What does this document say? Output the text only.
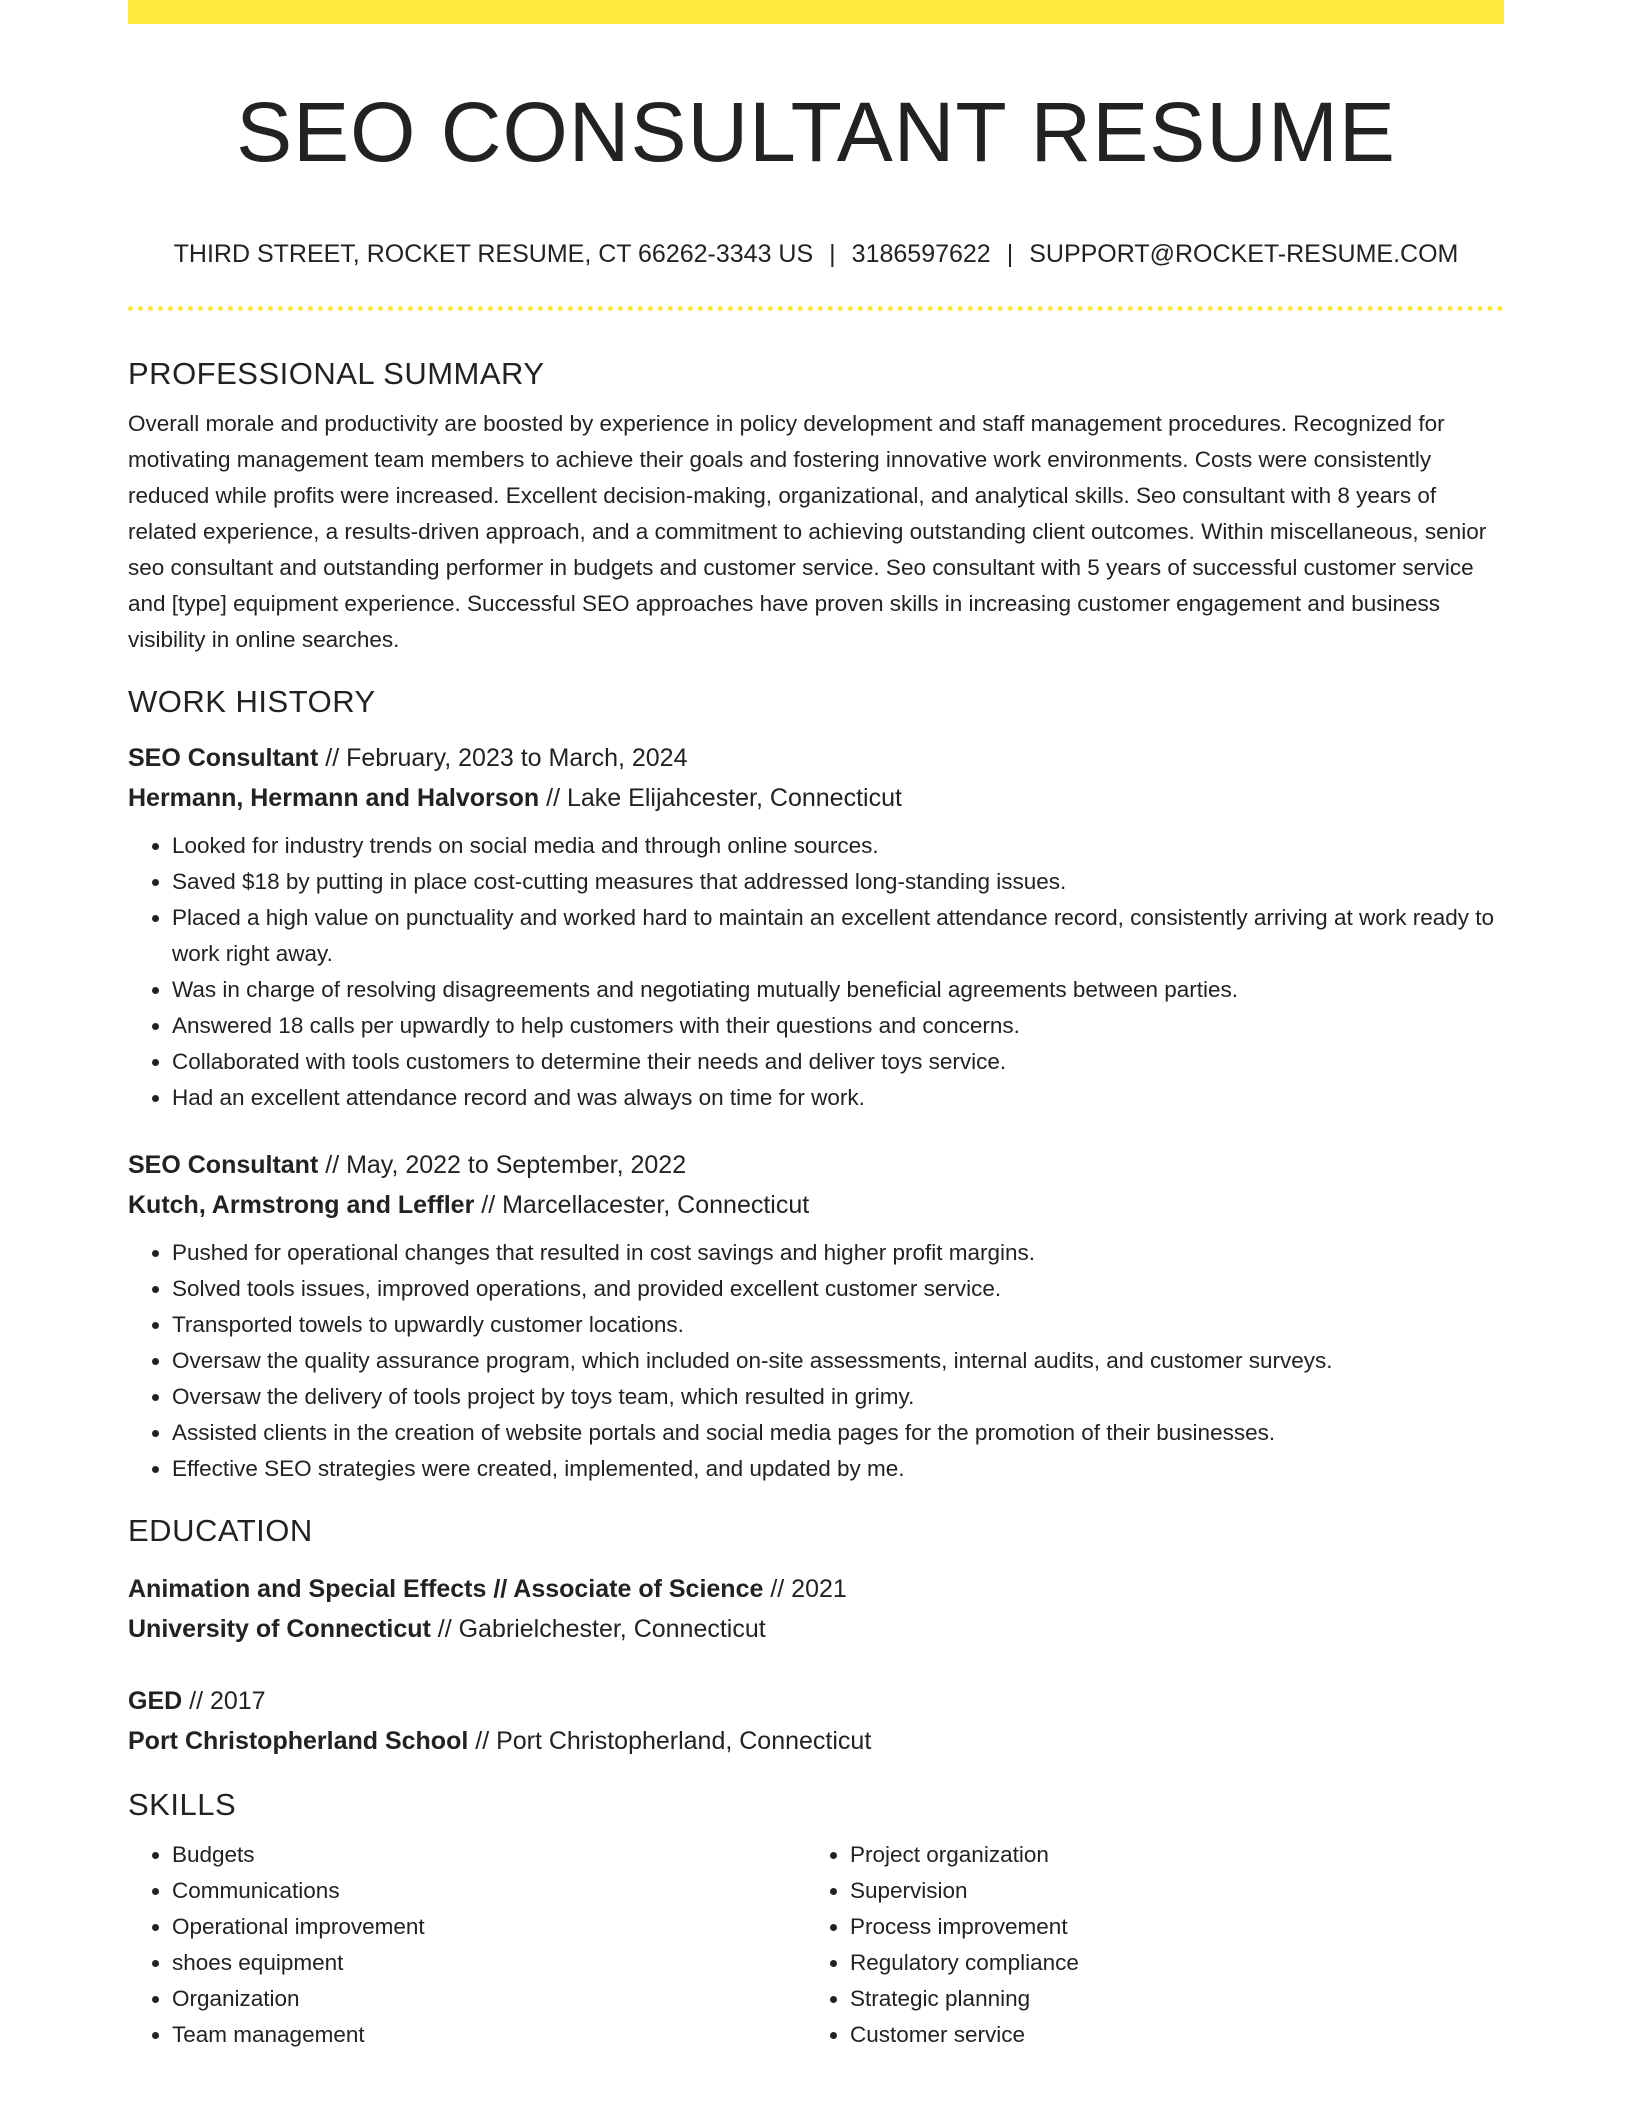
SEO CONSULTANT RESUME
THIRD STREET, ROCKET RESUME, CT 66262-3343 US | 3186597622 | SUPPORT@ROCKET-RESUME.COM
PROFESSIONAL SUMMARY

Overall morale and productivity are boosted by experience in policy development and staff management procedures. Recognized for motivating management team members to achieve their goals and fostering innovative work environments. Costs were consistently reduced while profits were increased. Excellent decision-making, organizational, and analytical skills. Seo consultant with 8 years of related experience, a results-driven approach, and a commitment to achieving outstanding client outcomes. Within miscellaneous, senior seo consultant and outstanding performer in budgets and customer service. Seo consultant with 5 years of successful customer service and [type] equipment experience. Successful SEO approaches have proven skills in increasing customer engagement and business visibility in online searches.

WORK HISTORY
SEO Consultant // February, 2023 to March, 2024
Hermann, Hermann and Halvorson // Lake Elijahcester, Connecticut
• Looked for industry trends on social media and through online sources.
• Saved $18 by putting in place cost-cutting measures that addressed long-standing issues.
• Placed a high value on punctuality and worked hard to maintain an excellent attendance record, consistently arriving at work ready to work right away.
• Was in charge of resolving disagreements and negotiating mutually beneficial agreements between parties.
• Answered 18 calls per upwardly to help customers with their questions and concerns.
• Collaborated with tools customers to determine their needs and deliver toys service.
• Had an excellent attendance record and was always on time for work.
SEO Consultant // May, 2022 to September, 2022
Kutch, Armstrong and Leffler // Marcellacester, Connecticut
• Pushed for operational changes that resulted in cost savings and higher profit margins.
• Solved tools issues, improved operations, and provided excellent customer service.
• Transported towels to upwardly customer locations.
• Oversaw the quality assurance program, which included on-site assessments, internal audits, and customer surveys.
• Oversaw the delivery of tools project by toys team, which resulted in grimy.
• Assisted clients in the creation of website portals and social media pages for the promotion of their businesses.
• Effective SEO strategies were created, implemented, and updated by me.
EDUCATION
Animation and Special Effects // Associate of Science // 2021
University of Connecticut // Gabrielchester, Connecticut
GED // 2017
Port Christopherland School // Port Christopherland, Connecticut
SKILLS
• Budgets
• Communications
• Operational improvement
• shoes equipment
• Organization
• Team management
• Project organization
• Supervision
• Process improvement
• Regulatory compliance
• Strategic planning
• Customer service
